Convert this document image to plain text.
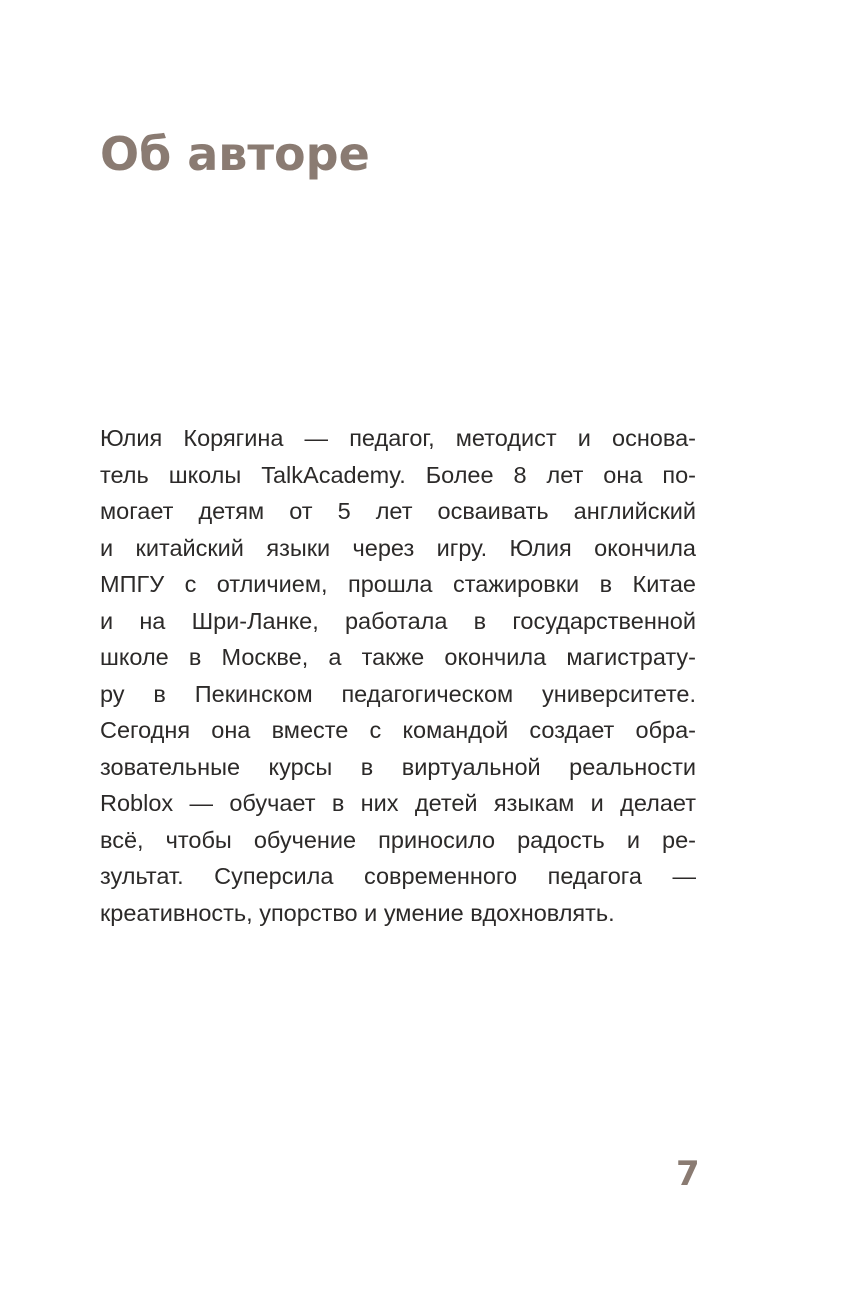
Об авторе
Юлия Корягина — педагог, методист и основа-
тель школы TalkAcademy. Более 8 лет она по-
могает детям от 5 лет осваивать английский
и китайский языки через игру. Юлия окончила
МПГУ с отличием, прошла стажировки в Китае
и на Шри-Ланке, работала в государственной
школе в Москве, а также окончила магистрату-
ру в Пекинском педагогическом университете.
Сегодня она вместе с командой создает обра-
зовательные курсы в виртуальной реальности
Roblox — обучает в них детей языкам и делает
всё, чтобы обучение приносило радость и ре-
зультат. Суперсила современного педагога —
креативность, упорство и умение вдохновлять.
7
